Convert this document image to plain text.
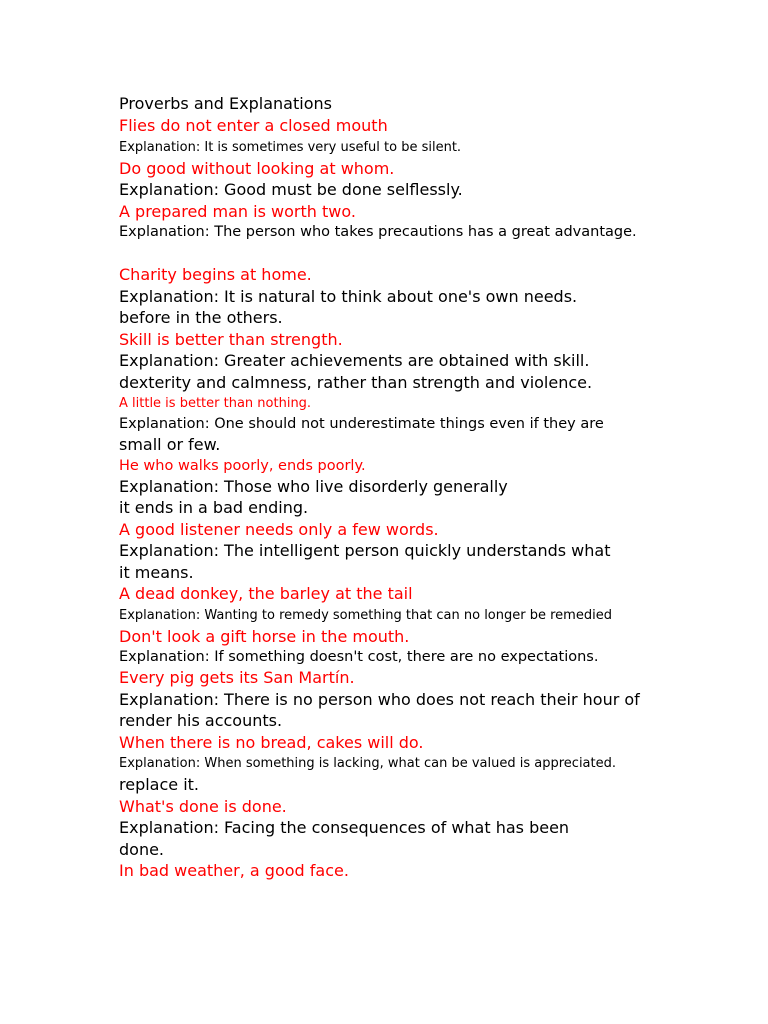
Proverbs and Explanations
Flies do not enter a closed mouth
Explanation: It is sometimes very useful to be silent.
Do good without looking at whom.
Explanation: Good must be done selflessly.
A prepared man is worth two.
Explanation: The person who takes precautions has a great advantage.
Charity begins at home.
Explanation: It is natural to think about one's own needs.
before in the others.
Skill is better than strength.
Explanation: Greater achievements are obtained with skill.
dexterity and calmness, rather than strength and violence.
A little is better than nothing.
Explanation: One should not underestimate things even if they are
small or few.
He who walks poorly, ends poorly.
Explanation: Those who live disorderly generally
it ends in a bad ending.
A good listener needs only a few words.
Explanation: The intelligent person quickly understands what
it means.
A dead donkey, the barley at the tail
Explanation: Wanting to remedy something that can no longer be remedied
Don't look a gift horse in the mouth.
Explanation: If something doesn't cost, there are no expectations.
Every pig gets its San Martín.
Explanation: There is no person who does not reach their hour of
render his accounts.
When there is no bread, cakes will do.
Explanation: When something is lacking, what can be valued is appreciated.
replace it.
What's done is done.
Explanation: Facing the consequences of what has been
done.
In bad weather, a good face.
